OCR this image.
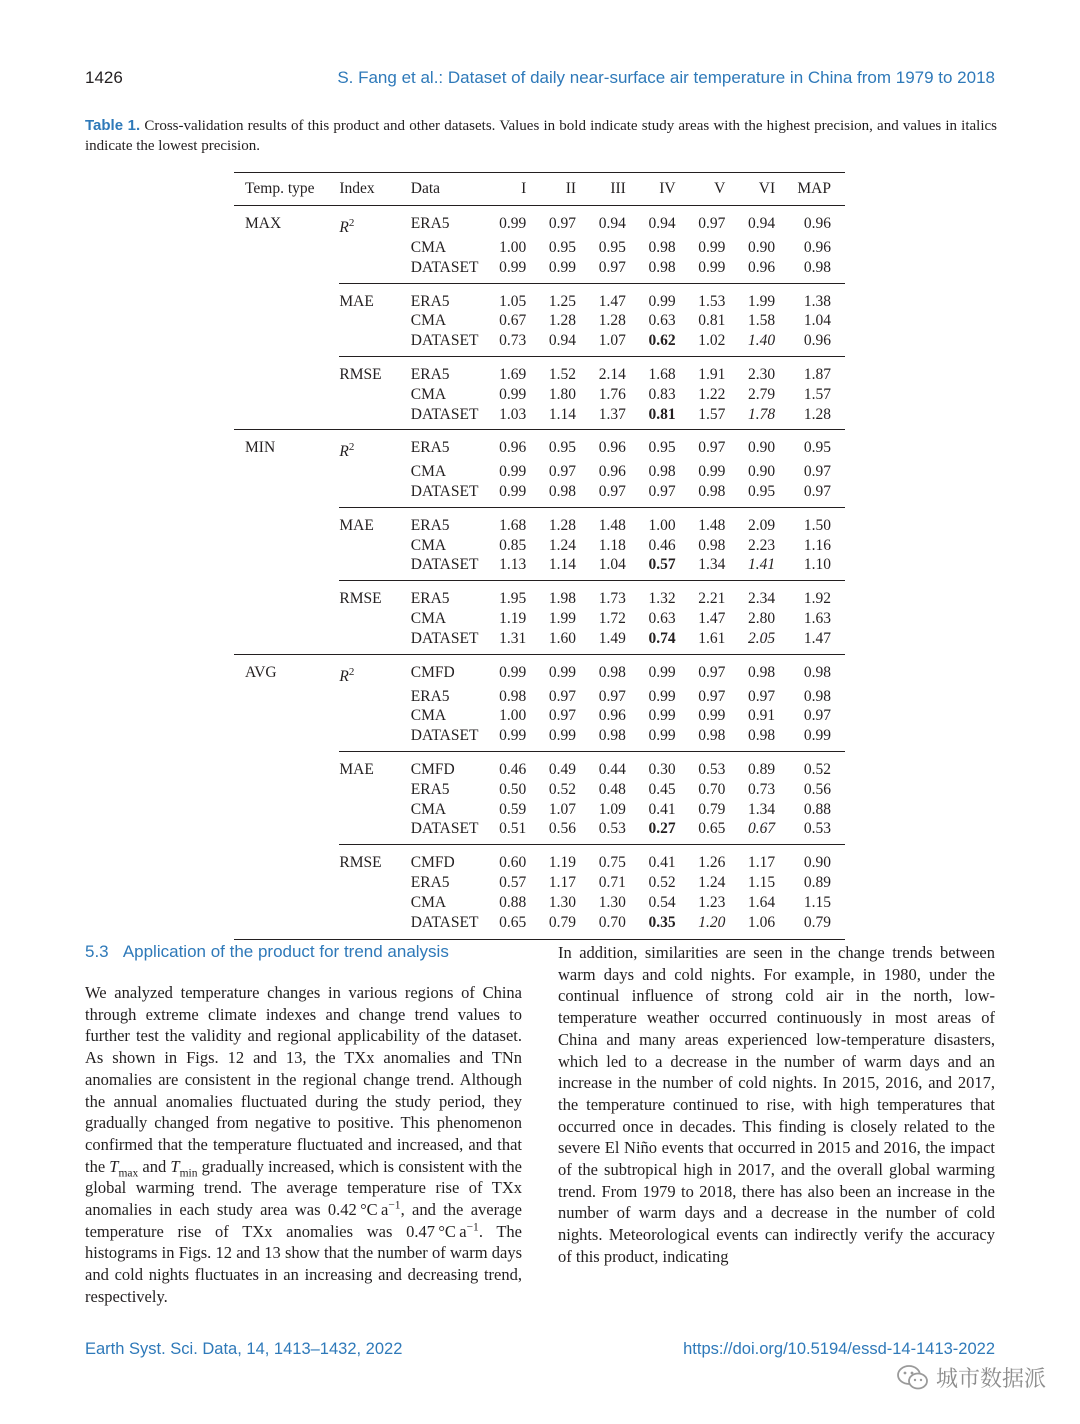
1426	S. Fang et al.: Dataset of daily near-surface air temperature in China from 1979 to 2018
Table 1. Cross-validation results of this product and other datasets. Values in bold indicate study areas with the highest precision, and values in italics indicate the lowest precision.
Temp. type	Index	Data	I	II	III	IV	V	VI	MAP
MAX	$R^2$	ERA5	0.99	0.97	0.94	0.94	0.97	0.94	0.96
		CMA	1.00	0.95	0.95	0.98	0.99	0.90	0.96
		DATASET	0.99	0.99	0.97	0.98	0.99	0.96	0.98
	MAE	ERA5	1.05	1.25	1.47	0.99	1.53	1.99	1.38
		CMA	0.67	1.28	1.28	0.63	0.81	1.58	1.04
		DATASET	0.73	0.94	1.07	0.62	1.02	1.40	0.96
	RMSE	ERA5	1.69	1.52	2.14	1.68	1.91	2.30	1.87
		CMA	0.99	1.80	1.76	0.83	1.22	2.79	1.57
		DATASET	1.03	1.14	1.37	0.81	1.57	1.78	1.28
MIN	$R^2$	ERA5	0.96	0.95	0.96	0.95	0.97	0.90	0.95
		CMA	0.99	0.97	0.96	0.98	0.99	0.90	0.97
		DATASET	0.99	0.98	0.97	0.97	0.98	0.95	0.97
	MAE	ERA5	1.68	1.28	1.48	1.00	1.48	2.09	1.50
		CMA	0.85	1.24	1.18	0.46	0.98	2.23	1.16
		DATASET	1.13	1.14	1.04	0.57	1.34	1.41	1.10
	RMSE	ERA5	1.95	1.98	1.73	1.32	2.21	2.34	1.92
		CMA	1.19	1.99	1.72	0.63	1.47	2.80	1.63
		DATASET	1.31	1.60	1.49	0.74	1.61	2.05	1.47
AVG	$R^2$	CMFD	0.99	0.99	0.98	0.99	0.97	0.98	0.98
		ERA5	0.98	0.97	0.97	0.99	0.97	0.97	0.98
		CMA	1.00	0.97	0.96	0.99	0.99	0.91	0.97
		DATASET	0.99	0.99	0.98	0.99	0.98	0.98	0.99
	MAE	CMFD	0.46	0.49	0.44	0.30	0.53	0.89	0.52
		ERA5	0.50	0.52	0.48	0.45	0.70	0.73	0.56
		CMA	0.59	1.07	1.09	0.41	0.79	1.34	0.88
		DATASET	0.51	0.56	0.53	0.27	0.65	0.67	0.53
	RMSE	CMFD	0.60	1.19	0.75	0.41	1.26	1.17	0.90
		ERA5	0.57	1.17	0.71	0.52	1.24	1.15	0.89
		CMA	0.88	1.30	1.30	0.54	1.23	1.64	1.15
		DATASET	0.65	0.79	0.70	0.35	1.20	1.06	0.79
5.3 Application of the product for trend analysis
We analyzed temperature changes in various regions of China through extreme climate indexes and change trend values to further test the validity and regional applicability of the dataset. As shown in Figs. 12 and 13, the TXx anomalies and TNn anomalies are consistent in the regional change trend. Although the annual anomalies fluctuated during the study period, they gradually changed from negative to positive. This phenomenon confirmed that the temperature fluctuated and increased, and that the $T_{max}$ and $T_{min}$ gradually increased, which is consistent with the global warming trend. The average temperature rise of TXx anomalies in each study area was 0.42 °C $a^{-1}$, and the average temperature rise of TXx anomalies was 0.47 °C $a^{-1}$. The histograms in Figs. 12 and 13 show that the number of warm days and cold nights fluctuates in an increasing and decreasing trend, respectively.
In addition, similarities are seen in the change trends between warm days and cold nights. For example, in 1980, under the continual influence of strong cold air in the north, low-temperature weather occurred continuously in most areas of China and many areas experienced low-temperature disasters, which led to a decrease in the number of warm days and an increase in the number of cold nights. In 2015, 2016, and 2017, the temperature continued to rise, with high temperatures that occurred once in decades. This finding is closely related to the severe El Niño events that occurred in 2015 and 2016, the impact of the subtropical high in 2017, and the overall global warming trend. From 1979 to 2018, there has also been an increase in the number of warm days and a decrease in the number of cold nights. Meteorological events can indirectly verify the accuracy of this product, indicating
Earth Syst. Sci. Data, 14, 1413–1432, 2022	https://doi.org/10.5194/essd-14-1413-2022
城市数据派
